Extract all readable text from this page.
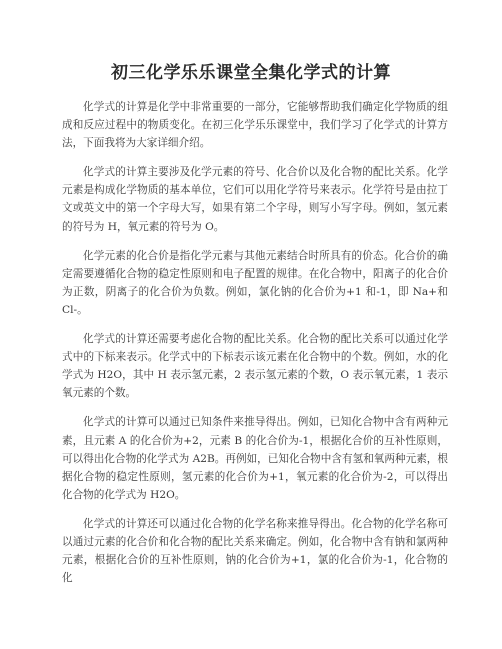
初三化学乐乐课堂全集化学式的计算

化学式的计算是化学中非常重要的一部分，它能够帮助我们确定化学物质的组成和反应过程中的物质变化。在初三化学乐乐课堂中，我们学习了化学式的计算方法，下面我将为大家详细介绍。

化学式的计算主要涉及化学元素的符号、化合价以及化合物的配比关系。化学元素是构成化学物质的基本单位，它们可以用化学符号来表示。化学符号是由拉丁文或英文中的第一个字母大写，如果有第二个字母，则写小写字母。例如，氢元素的符号为 H，氧元素的符号为 O。

化学元素的化合价是指化学元素与其他元素结合时所具有的价态。化合价的确定需要遵循化合物的稳定性原则和电子配置的规律。在化合物中，阳离子的化合价为正数，阴离子的化合价为负数。例如，氯化钠的化合价为+1 和-1，即 Na+和 Cl-。

化学式的计算还需要考虑化合物的配比关系。化合物的配比关系可以通过化学式中的下标来表示。化学式中的下标表示该元素在化合物中的个数。例如，水的化学式为 H2O，其中 H 表示氢元素，2 表示氢元素的个数，O 表示氧元素，1 表示氧元素的个数。

化学式的计算可以通过已知条件来推导得出。例如，已知化合物中含有两种元素，且元素 A 的化合价为+2，元素 B 的化合价为-1，根据化合价的互补性原则，可以得出化合物的化学式为 A2B。再例如，已知化合物中含有氢和氧两种元素，根据化合物的稳定性原则，氢元素的化合价为+1，氧元素的化合价为-2，可以得出化合物的化学式为 H2O。

化学式的计算还可以通过化合物的化学名称来推导得出。化合物的化学名称可以通过元素的化合价和化合物的配比关系来确定。例如，化合物中含有钠和氯两种元素，根据化合价的互补性原则，钠的化合价为+1，氯的化合价为-1，化合物的化
